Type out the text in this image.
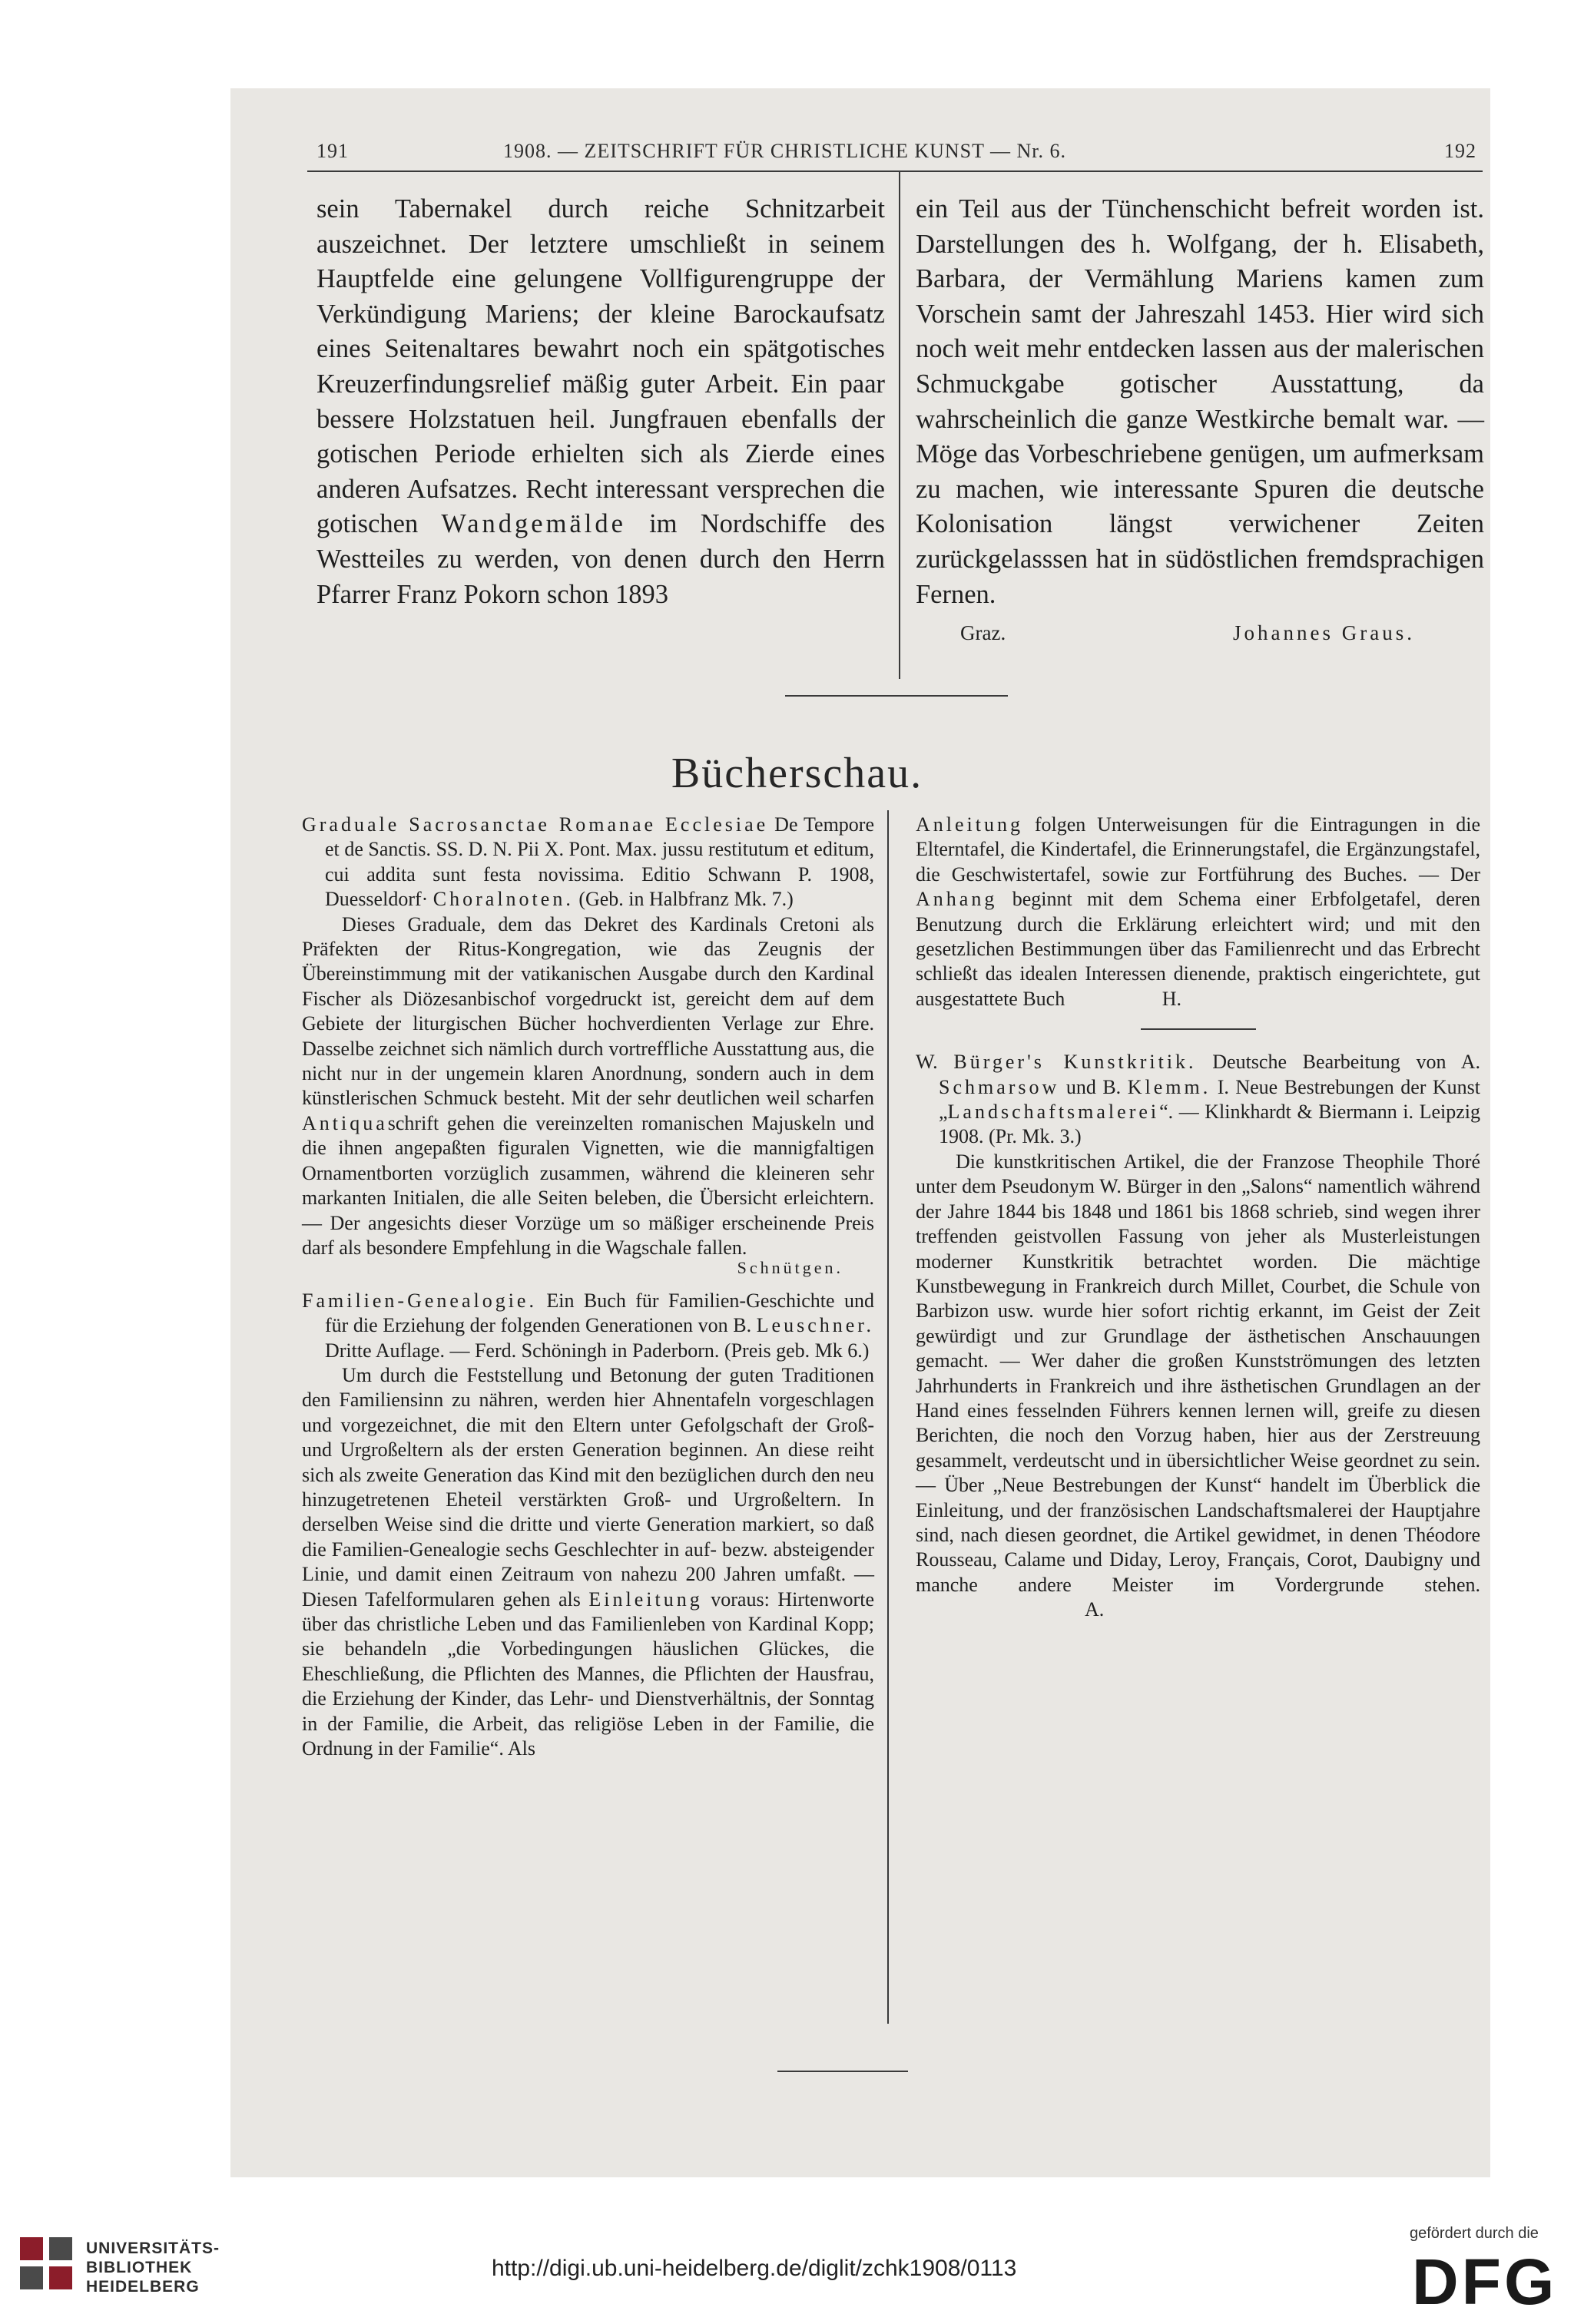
191	1908. — ZEITSCHRIFT FÜR CHRISTLICHE KUNST — Nr. 6.	192

sein Tabernakel durch reiche Schnitzarbeit auszeichnet. Der letztere umschließt in seinem Hauptfelde eine gelungene Vollfigurengruppe der Verkündigung Mariens; der kleine Barockaufsatz eines Seitenaltares bewahrt noch ein spätgotisches Kreuzerfindungsrelief mäßig guter Arbeit. Ein paar bessere Holzstatuen heil. Jungfrauen ebenfalls der gotischen Periode erhielten sich als Zierde eines anderen Aufsatzes. Recht interessant versprechen die gotischen Wandgemälde im Nordschiffe des Westteiles zu werden, von denen durch den Herrn Pfarrer Franz Pokorn schon 1893

ein Teil aus der Tünchenschicht befreit worden ist. Darstellungen des h. Wolfgang, der h. Elisabeth, Barbara, der Vermählung Mariens kamen zum Vorschein samt der Jahreszahl 1453. Hier wird sich noch weit mehr entdecken lassen aus der malerischen Schmuckgabe gotischer Ausstattung, da wahrscheinlich die ganze Westkirche bemalt war. — Möge das Vorbeschriebene genügen, um aufmerksam zu machen, wie interessante Spuren die deutsche Kolonisation längst verwichener Zeiten zurückgelasssen hat in südöstlichen fremdsprachigen Fernen.

Graz.	Johannes Graus.
Bücherschau.

Graduale Sacrosanctae Romanae Ecclesiae De Tempore et de Sanctis. SS. D. N. Pii X. Pont. Max. jussu restitutum et editum, cui addita sunt festa novissima. Editio Schwann P. 1908, Duesseldorf· Choralnoten. (Geb. in Halbfranz Mk. 7.)

Dieses Graduale, dem das Dekret des Kardinals Cretoni als Präfekten der Ritus-Kongregation, wie das Zeugnis der Übereinstimmung mit der vatikanischen Ausgabe durch den Kardinal Fischer als Diözesanbischof vorgedruckt ist, gereicht dem auf dem Gebiete der liturgischen Bücher hochverdienten Verlage zur Ehre. Dasselbe zeichnet sich nämlich durch vortreffliche Ausstattung aus, die nicht nur in der ungemein klaren Anordnung, sondern auch in dem künstlerischen Schmuck besteht. Mit der sehr deutlichen weil scharfen Antiquaschrift gehen die vereinzelten romanischen Majuskeln und die ihnen angepaßten figuralen Vignetten, wie die mannigfaltigen Ornamentborten vorzüglich zusammen, während die kleineren sehr markanten Initialen, die alle Seiten beleben, die Übersicht erleichtern. — Der angesichts dieser Vorzüge um so mäßiger erscheinende Preis darf als besondere Empfehlung in die Wagschale fallen.

Schnütgen.

Familien-Genealogie. Ein Buch für Familien-Geschichte und für die Erziehung der folgenden Generationen von B. Leuschner. Dritte Auflage. — Ferd. Schöningh in Paderborn. (Preis geb. Mk 6.)

Um durch die Feststellung und Betonung der guten Traditionen den Familiensinn zu nähren, werden hier Ahnentafeln vorgeschlagen und vorgezeichnet, die mit den Eltern unter Gefolgschaft der Groß- und Urgroßeltern als der ersten Generation beginnen. An diese reiht sich als zweite Generation das Kind mit den bezüglichen durch den neu hinzugetretenen Eheteil verstärkten Groß- und Urgroßeltern. In derselben Weise sind die dritte und vierte Generation markiert, so daß die Familien-Genealogie sechs Geschlechter in auf- bezw. absteigender Linie, und damit einen Zeitraum von nahezu 200 Jahren umfaßt. — Diesen Tafelformularen gehen als Einleitung voraus: Hirtenworte über das christliche Leben und das Familienleben von Kardinal Kopp; sie behandeln „die Vorbedingungen häuslichen Glückes, die Eheschließung, die Pflichten des Mannes, die Pflichten der Hausfrau, die Erziehung der Kinder, das Lehr- und Dienstverhältnis, der Sonntag in der Familie, die Arbeit, das religiöse Leben in der Familie, die Ordnung in der Familie“. Als

Anleitung folgen Unterweisungen für die Eintragungen in die Elterntafel, die Kindertafel, die Erinnerungstafel, die Ergänzungstafel, die Geschwistertafel, sowie zur Fortführung des Buches. — Der Anhang beginnt mit dem Schema einer Erbfolgetafel, deren Benutzung durch die Erklärung erleichtert wird; und mit den gesetzlichen Bestimmungen über das Familienrecht und das Erbrecht schließt das idealen Interessen dienende, praktisch eingerichtete, gut ausgestattete Buch	H.

W. Bürger's Kunstkritik. Deutsche Bearbeitung von A. Schmarsow und B. Klemm. I. Neue Bestrebungen der Kunst „Landschaftsmalerei“. — Klinkhardt & Biermann i. Leipzig 1908. (Pr. Mk. 3.)

Die kunstkritischen Artikel, die der Franzose Theophile Thoré unter dem Pseudonym W. Bürger in den „Salons“ namentlich während der Jahre 1844 bis 1848 und 1861 bis 1868 schrieb, sind wegen ihrer treffenden geistvollen Fassung von jeher als Musterleistungen moderner Kunstkritik betrachtet worden. Die mächtige Kunstbewegung in Frankreich durch Millet, Courbet, die Schule von Barbizon usw. wurde hier sofort richtig erkannt, im Geist der Zeit gewürdigt und zur Grundlage der ästhetischen Anschauungen gemacht. — Wer daher die großen Kunstströmungen des letzten Jahrhunderts in Frankreich und ihre ästhetischen Grundlagen an der Hand eines fesselnden Führers kennen lernen will, greife zu diesen Berichten, die noch den Vorzug haben, hier aus der Zerstreuung gesammelt, verdeutscht und in übersichtlicher Weise geordnet zu sein. — Über „Neue Bestrebungen der Kunst“ handelt im Überblick die Einleitung, und der französischen Landschaftsmalerei der Hauptjahre sind, nach diesen geordnet, die Artikel gewidmet, in denen Théodore Rousseau, Calame und Diday, Leroy, Français, Corot, Daubigny und manche andere Meister im Vordergrunde stehen. A.

UNIVERSITÄTS-
BIBLIOTHEK
HEIDELBERG
http://digi.ub.uni-heidelberg.de/diglit/zchk1908/0113
gefördert durch die
DFG
